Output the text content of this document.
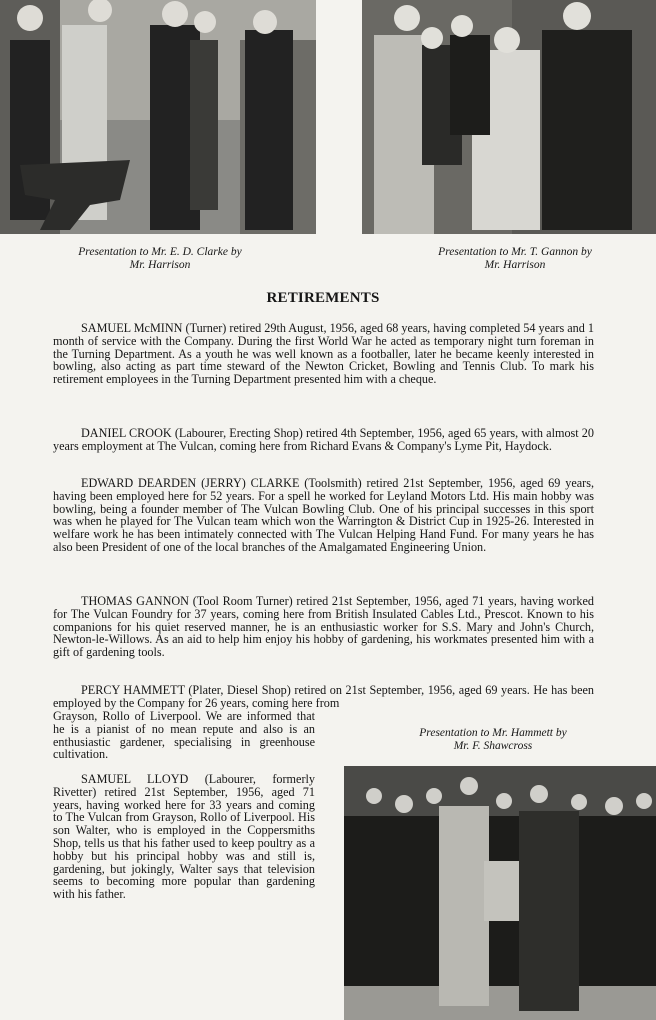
Presentation to Mr. E. D. Clarke by
Mr. Harrison
Presentation to Mr. T. Gannon by
Mr. Harrison
RETIREMENTS

SAMUEL McMINN (Turner) retired 29th August, 1956, aged 68 years, having completed 54 years and 1 month of service with the Company. During the first World War he acted as temporary night turn foreman in the Turning Department. As a youth he was well known as a footballer, later he became keenly interested in bowling, also acting as part time steward of the Newton Cricket, Bowling and Tennis Club. To mark his retirement employees in the Turning Department presented him with a cheque.

DANIEL CROOK (Labourer, Erecting Shop) retired 4th September, 1956, aged 65 years, with almost 20 years employment at The Vulcan, coming here from Richard Evans & Company's Lyme Pit, Haydock.

EDWARD DEARDEN (JERRY) CLARKE (Toolsmith) retired 21st September, 1956, aged 69 years, having been employed here for 52 years. For a spell he worked for Leyland Motors Ltd. His main hobby was bowling, being a founder member of The Vulcan Bowling Club. One of his principal successes in this sport was when he played for The Vulcan team which won the Warrington & District Cup in 1925-26. Interested in welfare work he has been intimately connected with The Vulcan Helping Hand Fund. For many years he has also been President of one of the local branches of the Amalgamated Engineering Union.

THOMAS GANNON (Tool Room Turner) retired 21st September, 1956, aged 71 years, having worked for The Vulcan Foundry for 37 years, coming here from British Insulated Cables Ltd., Prescot. Known to his companions for his quiet reserved manner, he is an enthusiastic worker for S.S. Mary and John's Church, Newton-le-Willows. As an aid to help him enjoy his hobby of gardening, his workmates presented him with a gift of gardening tools.

PERCY HAMMETT (Plater, Diesel Shop) retired on 21st September, 1956, aged 69 years. He has been employed by the Company for 26 years, coming here from

Grayson, Rollo of Liverpool. We are informed that he is a pianist of no mean repute and also is an enthusiastic gardener, specialising in greenhouse cultivation.

Presentation to Mr. Hammett by
Mr. F. Shawcross

SAMUEL LLOYD (Labourer, formerly Rivetter) retired 21st September, 1956, aged 71 years, having worked here for 33 years and coming to The Vulcan from Grayson, Rollo of Liverpool. His son Walter, who is employed in the Coppersmiths Shop, tells us that his father used to keep poultry as a hobby but his principal hobby was and still is, gardening, but jokingly, Walter says that television seems to becoming more popular than gardening with his father.
